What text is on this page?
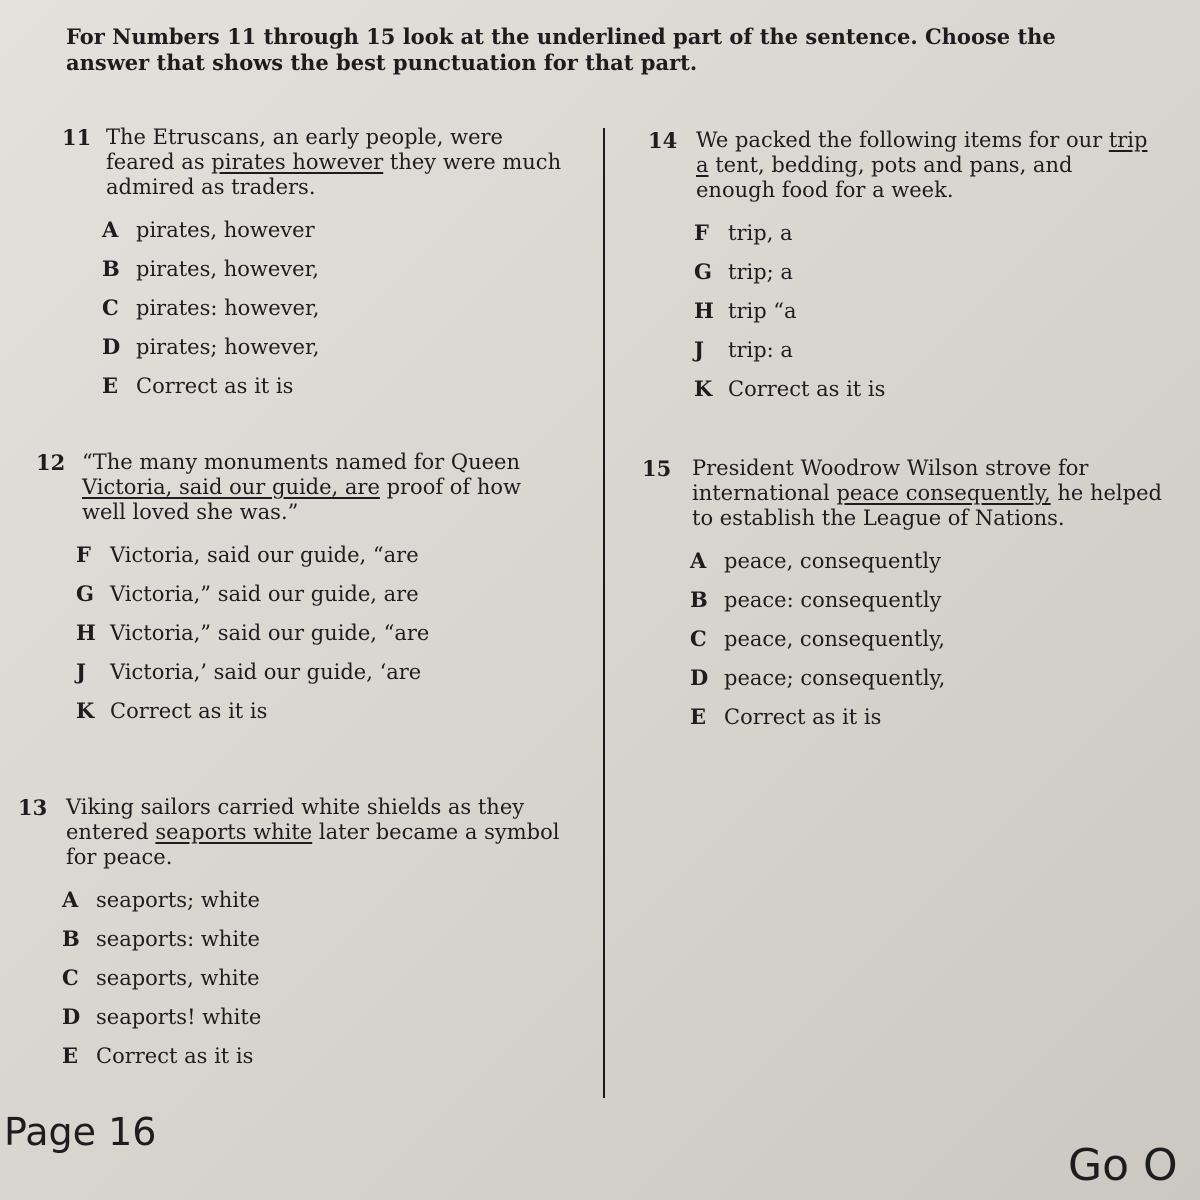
For Numbers 11 through 15 look at the underlined part of the sentence. Choose the answer that shows the best punctuation for that part.
11 The Etruscans, an early people, were feared as pirates however they were much admired as traders.
A pirates, however
B pirates, however,
C pirates: however,
D pirates; however,
E Correct as it is
12 “The many monuments named for Queen Victoria, said our guide, are proof of how well loved she was.”
F Victoria, said our guide, “are
G Victoria,” said our guide, are
H Victoria,” said our guide, “are
J	Victoria,’ said our guide, ‘are
K Correct as it is
13 Viking sailors carried white shields as they entered seaports white later became a symbol for peace.
A seaports; white
B seaports: white
C seaports, white
D seaports! white
E Correct as it is
14 We packed the following items for our trip a tent, bedding, pots and pans, and enough food for a week.
F trip, a
G trip; a
H trip “a
J	trip: a
K Correct as it is
15 President Woodrow Wilson strove for international peace consequently, he helped to establish the League of Nations.
A peace, consequently
B peace: consequently
C peace, consequently,
D peace; consequently,
E Correct as it is
Page 16
Go O
